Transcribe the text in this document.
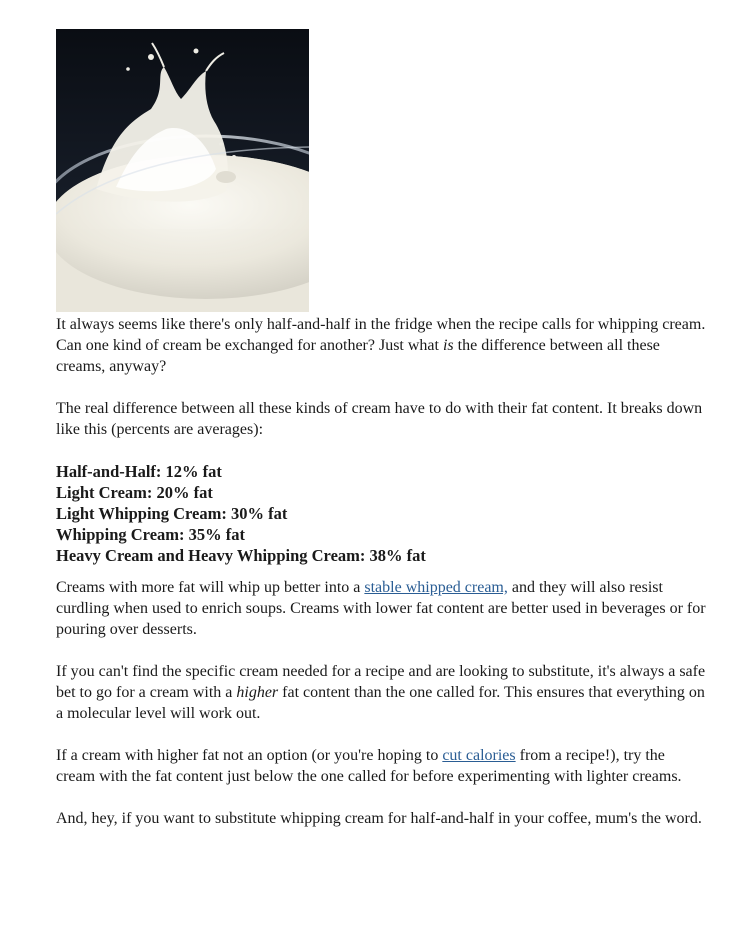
It always seems like there's only half-and-half in the fridge when the recipe calls for whipping cream. Can one kind of cream be exchanged for another? Just what is the difference between all these creams, anyway?

The real difference between all these kinds of cream have to do with their fat content. It breaks down like this (percents are averages):

Half-and-Half: 12% fat
Light Cream: 20% fat
Light Whipping Cream: 30% fat
Whipping Cream: 35% fat
Heavy Cream and Heavy Whipping Cream: 38% fat

Creams with more fat will whip up better into a stable whipped cream, and they will also resist curdling when used to enrich soups. Creams with lower fat content are better used in beverages or for pouring over desserts.

If you can't find the specific cream needed for a recipe and are looking to substitute, it's always a safe bet to go for a cream with a higher fat content than the one called for. This ensures that everything on a molecular level will work out.

If a cream with higher fat not an option (or you're hoping to cut calories from a recipe!), try the cream with the fat content just below the one called for before experimenting with lighter creams.

And, hey, if you want to substitute whipping cream for half-and-half in your coffee, mum's the word.
